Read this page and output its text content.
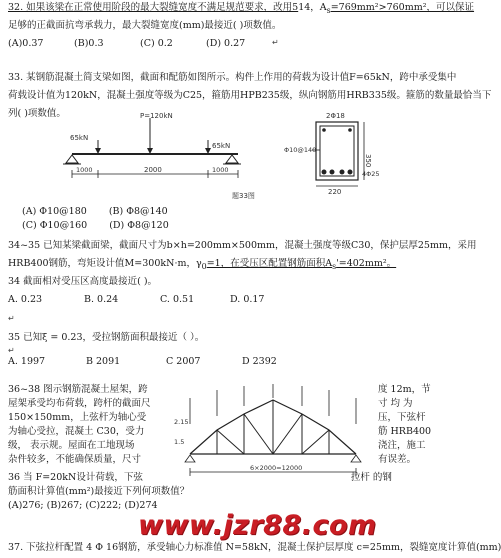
32. 如果该梁在正常使用阶段的最大裂缝宽度不满足规范要求，改用514，$A_s=769mm^2>760mm^2$，可以保证
足够的正截面抗弯承载力，最大裂缝宽度(mm)最接近( )项数值。
(A)0.37	(B)0.3	(C) 0.2	(D) 0.27	↵
33. 某钢筋混凝土简支梁如图，截面和配筋如图所示。构件上作用的荷载为设计值F=65kN，跨中承受集中
荷载设计值为120kN，混凝土强度等级为C25，箍筋用HPB235级，纵向钢筋用HRB335级。箍筋的数量最恰当下
列( )项数值。
65kN
P=120kN
65kN
1000	2000	1000
题33图
2Φ18
Φ10@140
350
220
4Φ25
(A) Φ10@180 (B) Φ8@140
(C) Φ10@160 (D) Φ8@120
34~35 已知某梁截面梁，截面尺寸为b×h=200mm×500mm，混凝土强度等级C30，保护层厚25mm，采用
HRB400钢筋，弯矩设计值M=300kN·m，$\gamma_0=1$，在受压区配置钢筋面积$A_s'=402mm^2$。
34 截面相对受压区高度最接近( )。
A. 0.23	B. 0.24	C. 0.51	D. 0.17
↵
35 已知ξ = 0.23，受拉钢筋面积最接近（ ）。
↵
A. 1997	B 2091	C 2007	D 2392
36~38 图示钢筋混凝土屋架，跨
屋架承受均布荷载，跨杆的截面尺
150×150mm，上弦杆为轴心受
为轴心受拉，混凝土 C30，受力
级， 表示规。屋面在工地现场
杂件较多，不能确保质量，尺寸
度 12m，节
寸 均 为
压，下弦杆
筋 HRB400
浇注，施工
有误差。
2.15
1.5
6×2000=12000
36 当 F=20kN设计荷载，下弦	拉杆 的钢
筋面积计算值(mm²)最接近下列何项数值？
(A)276; (B)267; (C)222; (D)274
www.jzr88.com
37. 下弦拉杆配置 4 Φ 16钢筋，承受轴心力标准值 N=58kN，混凝土保护层厚度 c=25mm，裂缝宽度计算值(mm)
